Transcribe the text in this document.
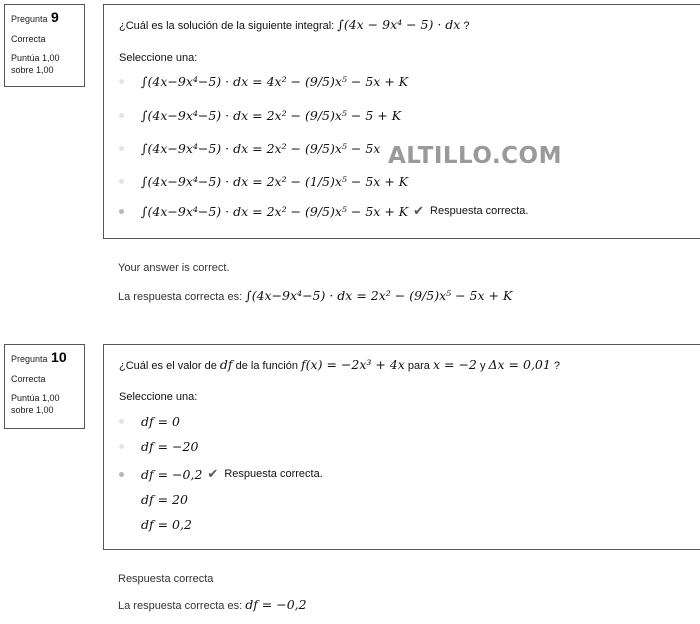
Pregunta 9
Correcta
Puntúa 1,00
sobre 1,00
¿Cuál es la solución de la siguiente integral: ∫(4x − 9x⁴ − 5) · dx ?
Seleccione una:
∫(4x−9x⁴−5) · dx = 4x² − (9/5)x⁵ − 5x + K
∫(4x−9x⁴−5) · dx = 2x² − (9/5)x⁵ − 5 + K
∫(4x−9x⁴−5) · dx = 2x² − (9/5)x⁵ − 5x
∫(4x−9x⁴−5) · dx = 2x² − (1/5)x⁵ − 5x + K
∫(4x−9x⁴−5) · dx = 2x² − (9/5)x⁵ − 5x + K ✔ Respuesta correcta.
Your answer is correct.
La respuesta correcta es: ∫(4x−9x⁴−5) · dx = 2x² − (9/5)x⁵ − 5x + K
Pregunta 10
Correcta
Puntúa 1,00
sobre 1,00
¿Cuál es el valor de df de la función f(x) = −2x³ + 4x para x = −2 y Δx = 0,01 ?
Seleccione una:
df = 0
df = −20
df = −0,2 ✔ Respuesta correcta.
df = 20
df = 0,2
Respuesta correcta
La respuesta correcta es: df = −0,2
ALTILLO.COM
